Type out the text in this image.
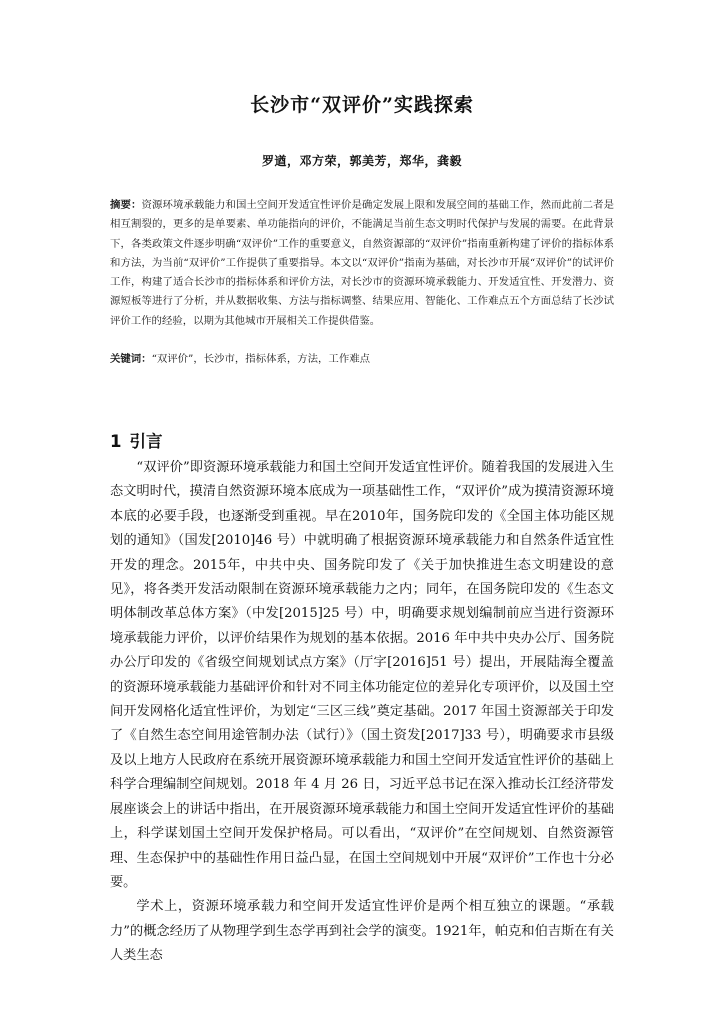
长沙市“双评价”实践探索
罗遒，邓方荣，郭美芳，郑华，龚毅
摘要：资源环境承载能力和国土空间开发适宜性评价是确定发展上限和发展空间的基础工作，然而此前二者是相互割裂的，更多的是单要素、单功能指向的评价，不能满足当前生态文明时代保护与发展的需要。在此背景下，各类政策文件逐步明确“双评价”工作的重要意义，自然资源部的“双评价”指南重新构建了评价的指标体系和方法，为当前“双评价”工作提供了重要指导。本文以“双评价”指南为基础，对长沙市开展“双评价”的试评价工作，构建了适合长沙市的指标体系和评价方法，对长沙市的资源环境承载能力、开发适宜性、开发潜力、资源短板等进行了分析，并从数据收集、方法与指标调整、结果应用、智能化、工作难点五个方面总结了长沙试评价工作的经验，以期为其他城市开展相关工作提供借鉴。
关键词：“双评价”，长沙市，指标体系，方法，工作难点
1 引言

“双评价”即资源环境承载能力和国土空间开发适宜性评价。随着我国的发展进入生态文明时代，摸清自然资源环境本底成为一项基础性工作，“双评价”成为摸清资源环境本底的必要手段，也逐渐受到重视。早在2010年，国务院印发的《全国主体功能区规划的通知》（国发[2010]46 号）中就明确了根据资源环境承载能力和自然条件适宜性开发的理念。2015年，中共中央、国务院印发了《关于加快推进生态文明建设的意见》，将各类开发活动限制在资源环境承载能力之内；同年，在国务院印发的《生态文明体制改革总体方案》（中发[2015]25 号）中，明确要求规划编制前应当进行资源环境承载能力评价，以评价结果作为规划的基本依据。2016 年中共中央办公厅、国务院办公厅印发的《省级空间规划试点方案》（厅字[2016]51 号）提出，开展陆海全覆盖的资源环境承载能力基础评价和针对不同主体功能定位的差异化专项评价，以及国土空间开发网格化适宜性评价，为划定“三区三线”奠定基础。2017 年国土资源部关于印发了《自然生态空间用途管制办法（试行）》（国土资发[2017]33 号），明确要求市县级及以上地方人民政府在系统开展资源环境承载能力和国土空间开发适宜性评价的基础上科学合理编制空间规划。2018 年 4 月 26 日，习近平总书记在深入推动长江经济带发展座谈会上的讲话中指出，在开展资源环境承载能力和国土空间开发适宜性评价的基础上，科学谋划国土空间开发保护格局。可以看出，“双评价”在空间规划、自然资源管理、生态保护中的基础性作用日益凸显，在国土空间规划中开展“双评价”工作也十分必要。

学术上，资源环境承载力和空间开发适宜性评价是两个相互独立的课题。“承载力”的概念经历了从物理学到生态学再到社会学的演变。1921年，帕克和伯吉斯在有关人类生态
